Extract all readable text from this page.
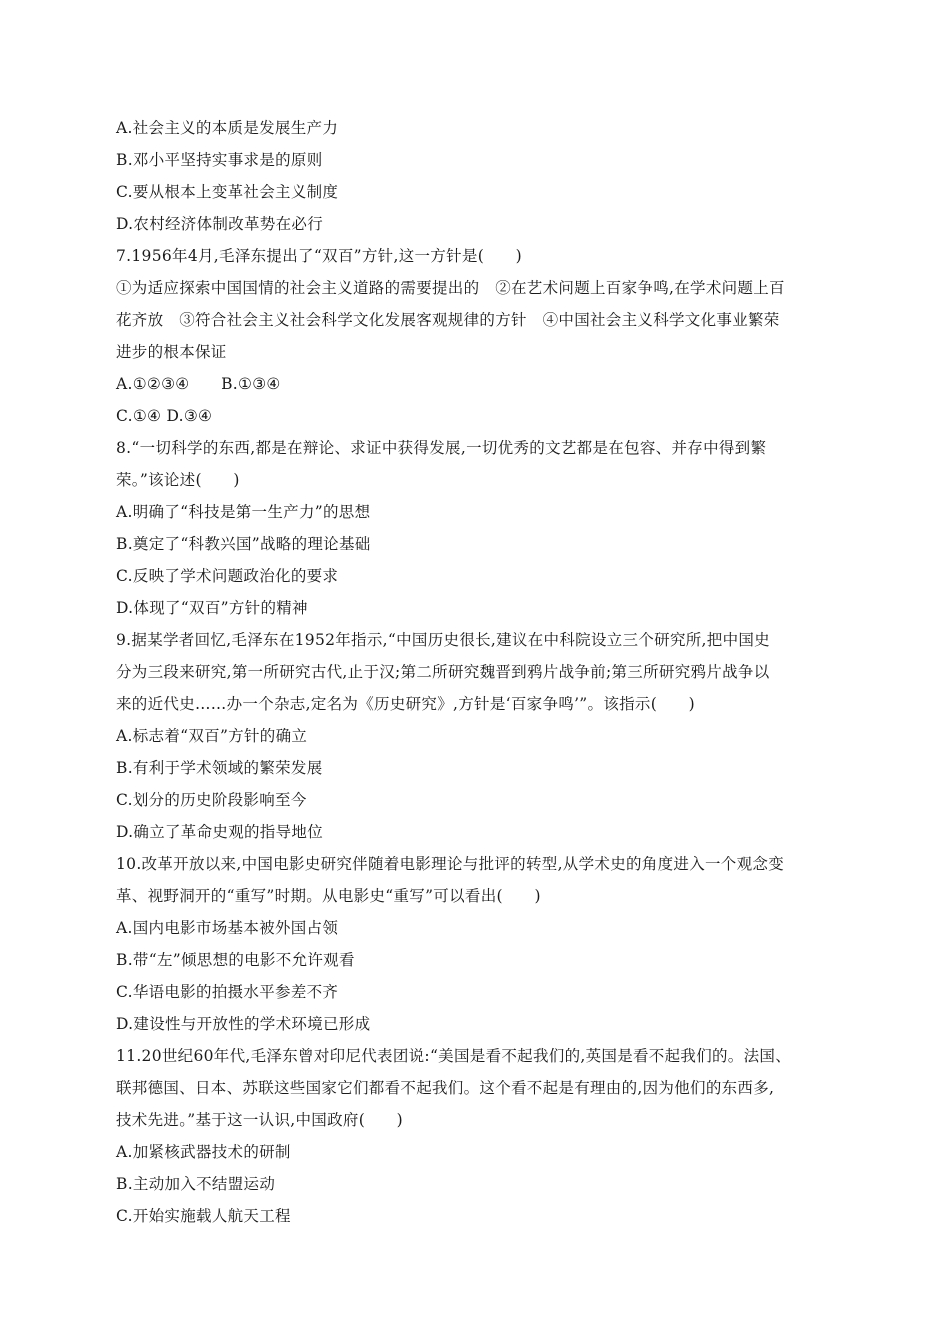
A.社会主义的本质是发展生产力
B.邓小平坚持实事求是的原则
C.要从根本上变革社会主义制度
D.农村经济体制改革势在必行
7.1956年4月,毛泽东提出了“双百”方针,这一方针是(　　)
①为适应探索中国国情的社会主义道路的需要提出的　②在艺术问题上百家争鸣,在学术问题上百
花齐放　③符合社会主义社会科学文化发展客观规律的方针　④中国社会主义科学文化事业繁荣
进步的根本保证
A.①②③④　　B.①③④
C.①④ D.③④
8.“一切科学的东西,都是在辩论、求证中获得发展,一切优秀的文艺都是在包容、并存中得到繁
荣。”该论述(　　)
A.明确了“科技是第一生产力”的思想
B.奠定了“科教兴国”战略的理论基础
C.反映了学术问题政治化的要求
D.体现了“双百”方针的精神
9.据某学者回忆,毛泽东在1952年指示,“中国历史很长,建议在中科院设立三个研究所,把中国史
分为三段来研究,第一所研究古代,止于汉;第二所研究魏晋到鸦片战争前;第三所研究鸦片战争以
来的近代史……办一个杂志,定名为《历史研究》,方针是‘百家争鸣’”。该指示(　　)
A.标志着“双百”方针的确立
B.有利于学术领域的繁荣发展
C.划分的历史阶段影响至今
D.确立了革命史观的指导地位
10.改革开放以来,中国电影史研究伴随着电影理论与批评的转型,从学术史的角度进入一个观念变
革、视野洞开的“重写”时期。从电影史“重写”可以看出(　　)
A.国内电影市场基本被外国占领
B.带“左”倾思想的电影不允许观看
C.华语电影的拍摄水平参差不齐
D.建设性与开放性的学术环境已形成
11.20世纪60年代,毛泽东曾对印尼代表团说:“美国是看不起我们的,英国是看不起我们的。法国、
联邦德国、日本、苏联这些国家它们都看不起我们。这个看不起是有理由的,因为他们的东西多,
技术先进。”基于这一认识,中国政府(　　)
A.加紧核武器技术的研制
B.主动加入不结盟运动
C.开始实施载人航天工程
